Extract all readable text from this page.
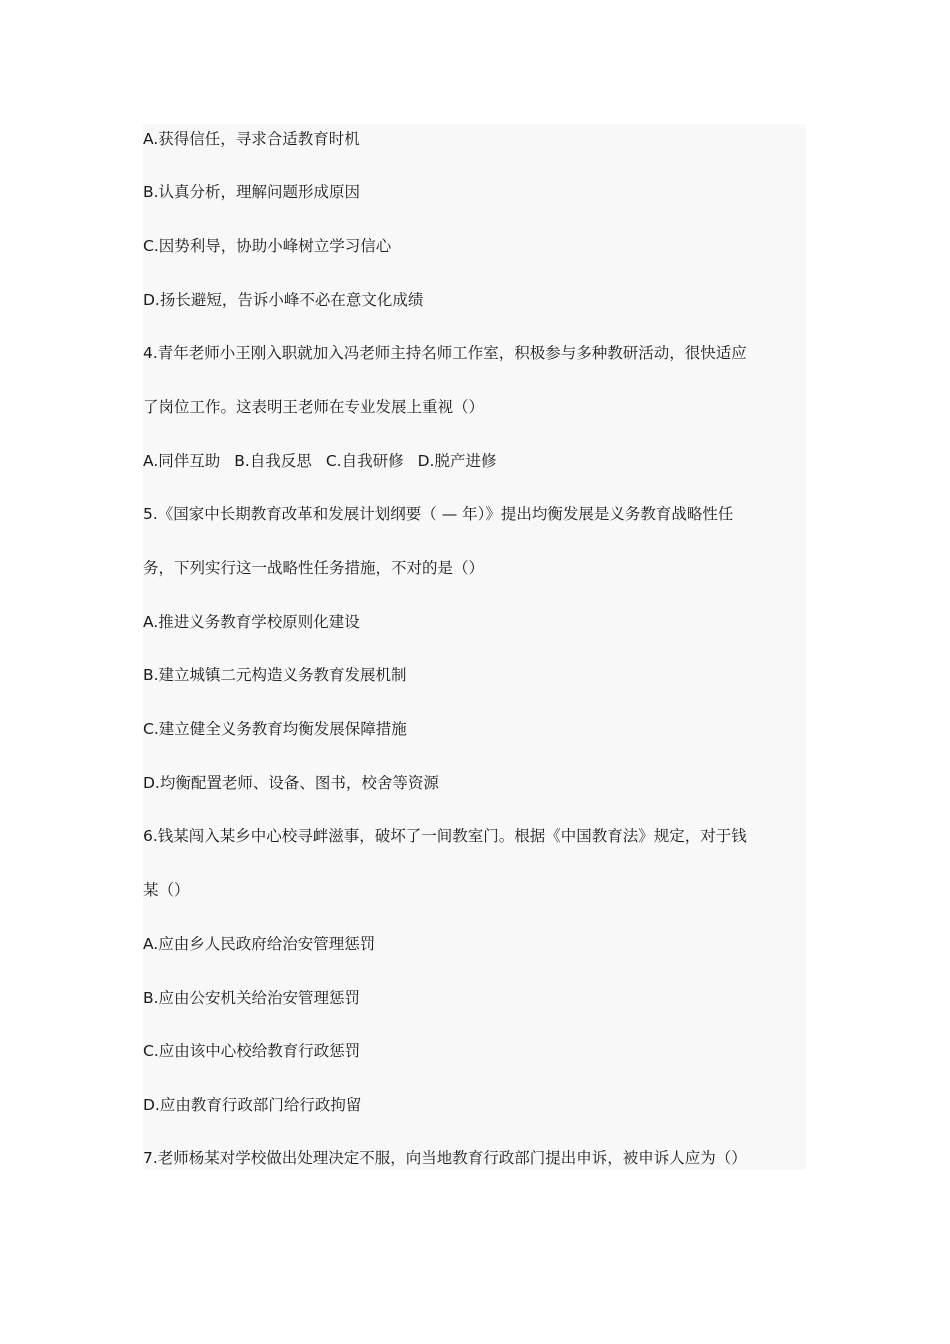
A.获得信任，寻求合适教育时机
B.认真分析，理解问题形成原因
C.因势利导，协助小峰树立学习信心
D.扬长避短，告诉小峰不必在意文化成绩
4.青年老师小王刚入职就加入冯老师主持名师工作室，积极参与多种教研活动，很快适应
了岗位工作。这表明王老师在专业发展上重视（）
A.同伴互助 B.自我反思 C.自我研修 D.脱产进修
5.《国家中长期教育改革和发展计划纲要（ — 年）》提出均衡发展是义务教育战略性任
务，下列实行这一战略性任务措施，不对的是（）
A.推进义务教育学校原则化建设
B.建立城镇二元构造义务教育发展机制
C.建立健全义务教育均衡发展保障措施
D.均衡配置老师、设备、图书，校舍等资源
6.钱某闯入某乡中心校寻衅滋事，破坏了一间教室门。根据《中国教育法》规定，对于钱
某（）
A.应由乡人民政府给治安管理惩罚
B.应由公安机关给治安管理惩罚
C.应由该中心校给教育行政惩罚
D.应由教育行政部门给行政拘留
7.老师杨某对学校做出处理决定不服，向当地教育行政部门提出申诉，被申诉人应为（）
